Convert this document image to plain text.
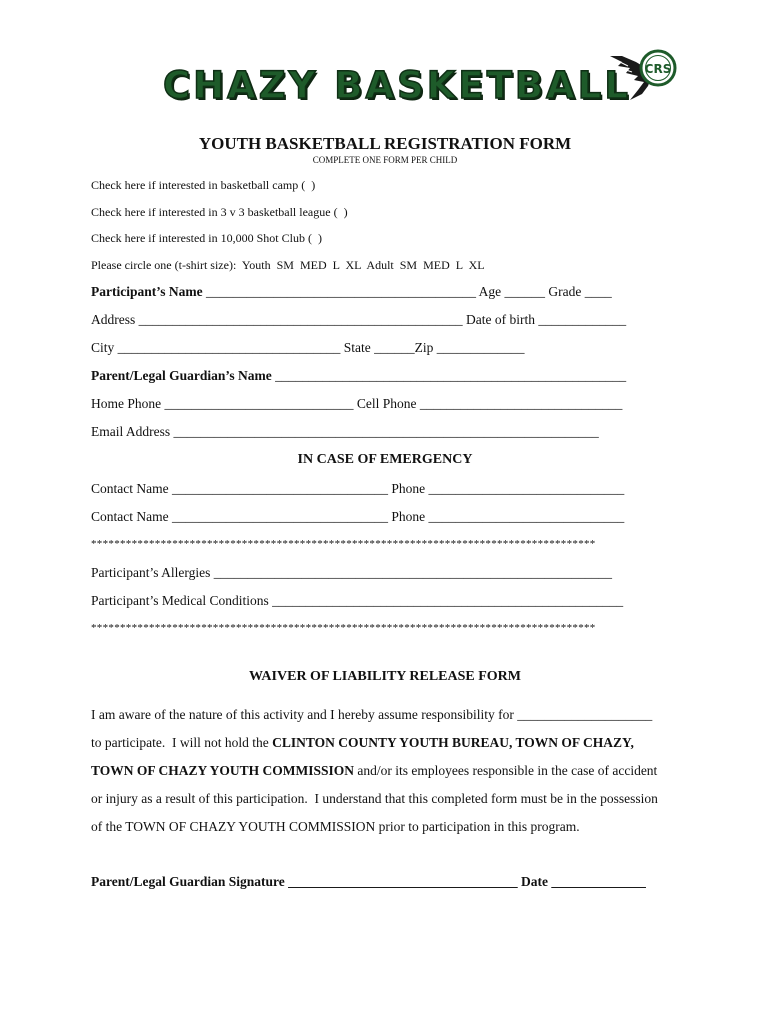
CHAZY BASKETBALL CRS
YOUTH BASKETBALL REGISTRATION FORM
COMPLETE ONE FORM PER CHILD
Check here if interested in basketball camp (  )
Check here if interested in 3 v 3 basketball league (  )
Check here if interested in 10,000 Shot Club (  )
Please circle one (t-shirt size):  Youth  SM  MED  L  XL  Adult  SM  MED  L  XL
Participant’s Name ________________________________________ Age ______ Grade ____
Address ________________________________________________ Date of birth _____________
City _________________________________ State ______Zip _____________
Parent/Legal Guardian’s Name ____________________________________________________
Home Phone ____________________________ Cell Phone ______________________________
Email Address _______________________________________________________________
IN CASE OF EMERGENCY
Contact Name ________________________________ Phone _____________________________
Contact Name ________________________________ Phone _____________________________
***************************************************************************************
Participant’s Allergies ___________________________________________________________
Participant’s Medical Conditions ____________________________________________________
***************************************************************************************
WAIVER OF LIABILITY RELEASE FORM
I am aware of the nature of this activity and I hereby assume responsibility for ____________________
to participate.  I will not hold the CLINTON COUNTY YOUTH BUREAU, TOWN OF CHAZY,
TOWN OF CHAZY YOUTH COMMISSION and/or its employees responsible in the case of accident
or injury as a result of this participation.  I understand that this completed form must be in the possession
of the TOWN OF CHAZY YOUTH COMMISSION prior to participation in this program.
Parent/Legal Guardian Signature __________________________________ Date ______________
